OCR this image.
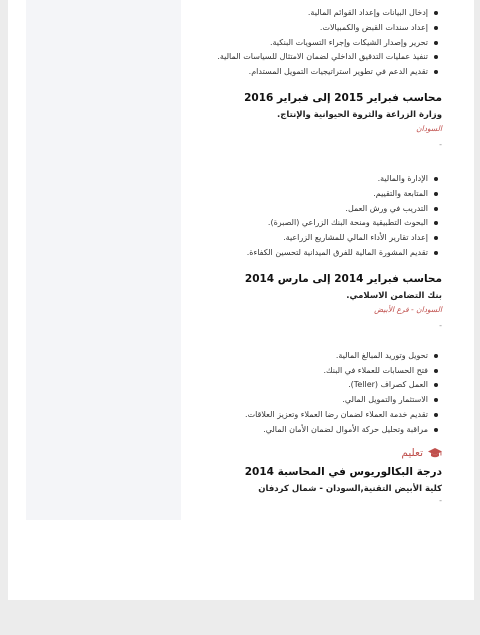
إدخال البيانات وإعداد القوائم المالية.
إعداد سندات القبض والكمبيالات.
تحرير وإصدار الشيكات وإجراء التسويات البنكية.
تنفيذ عمليات التدقيق الداخلي لضمان الامتثال للسياسات المالية.
تقديم الدعم في تطوير استراتيجيات التمويل المستدام.
محاسب فبراير 2015 إلى فبراير 2016
وزارة الزراعة والثروة الحيوانية والإنتاج.
السودان
-
الإدارة والمالية.
المتابعة والتقييم.
التدريب في ورش العمل.
البحوث التطبيقية ومنحة البنك الزراعي (الصبرة).
إعداد تقارير الأداء المالي للمشاريع الزراعية.
تقديم المشورة المالية للفرق الميدانية لتحسين الكفاءة.
محاسب فبراير 2014 إلى مارس 2014
بنك التضامن الاسلامي.
السودان - فرع الأبيض
-
تحويل وتوريد المبالغ المالية.
فتح الحسابات للعملاء في البنك.
العمل كصراف (Teller).
الاستثمار والتمويل المالي.
تقديم خدمة العملاء لضمان رضا العملاء وتعزيز العلاقات.
مراقبة وتحليل حركة الأموال لضمان الأمان المالي.
تعليم
درجة البكالوريوس في المحاسبة 2014
كلية الأبيض التقنية,السودان - شمال كردفان
-
